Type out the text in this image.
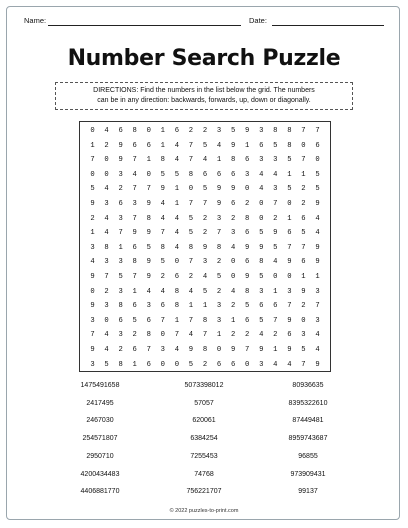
Name:	Date:
Number Search Puzzle
DIRECTIONS: Find the numbers in the list below the grid. The numbers
can be in any direction: backwards, forwards, up, down or diagonally.
0	4	6	8	0	1	6	2	2	3	5	9	3	8	8	7	7
1	2	9	6	6	1	4	7	5	4	9	1	6	5	8	0	6
7	0	9	7	1	8	4	7	4	1	8	6	3	3	5	7	0
0	0	3	4	0	5	5	8	6	6	6	3	4	4	1	1	5
5	4	2	7	7	9	1	0	5	9	9	0	4	3	5	2	5
9	3	6	3	9	4	1	7	7	9	6	2	0	7	0	2	9
2	4	3	7	8	4	4	5	2	3	2	8	0	2	1	6	4
1	4	7	9	9	7	4	5	2	7	3	6	5	9	6	5	4
3	8	1	6	5	8	4	8	9	8	4	9	9	5	7	7	9
4	3	3	8	9	5	0	7	3	2	0	6	8	4	9	6	9
9	7	5	7	9	2	6	2	4	5	0	9	5	0	0	1	1
0	2	3	1	4	4	8	4	5	2	4	8	3	1	3	9	3
9	3	8	6	3	6	8	1	1	3	2	5	6	6	7	2	7
3	0	6	5	6	7	1	7	8	3	1	6	5	7	9	0	3
7	4	3	2	8	0	7	4	7	1	2	2	4	2	6	3	4
9	4	2	6	7	3	4	9	8	0	9	7	9	1	9	5	4
3	5	8	1	6	0	0	5	2	6	6	0	3	4	4	7	9
1475491658	5073398012	80936635
2417495	57057	8395322610
2467030	620061	87449481
254571807	6384254	8959743687
2950710	7255453	96855
4200434483	74768	973909431
4406881770	756221707	99137
© 2022 puzzles-to-print.com
